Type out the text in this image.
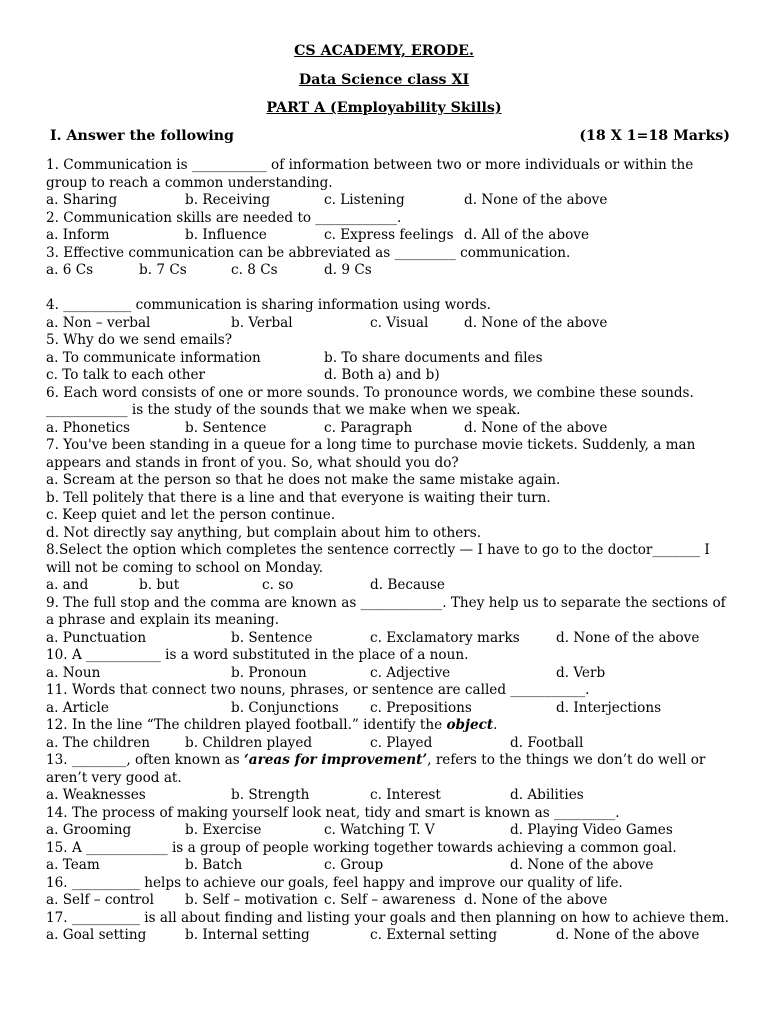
CS ACADEMY, ERODE.
Data Science class XI
PART A (Employability Skills)
I. Answer the following	(18 X 1=18 Marks)
1. Communication is ___________ of information between two or more individuals or within the group to reach a common understanding.
a. Sharing	b. Receiving	c. Listening	d. None of the above
2. Communication skills are needed to ____________.
a. Inform	b. Influence	c. Express feelings d. All of the above
3. Effective communication can be abbreviated as _________ communication.
a. 6 Cs	b. 7 Cs	c. 8 Cs	d. 9 Cs
4. __________ communication is sharing information using words.
a. Non – verbal	b. Verbal	c. Visual	d. None of the above
5. Why do we send emails?
a. To communicate information	b. To share documents and files
c. To talk to each other	d. Both a) and b)
6. Each word consists of one or more sounds. To pronounce words, we combine these sounds. ____________ is the study of the sounds that we make when we speak.
a. Phonetics	b. Sentence	c. Paragraph	d. None of the above
7. You've been standing in a queue for a long time to purchase movie tickets. Suddenly, a man appears and stands in front of you. So, what should you do?
a. Scream at the person so that he does not make the same mistake again.
b. Tell politely that there is a line and that everyone is waiting their turn.
c. Keep quiet and let the person continue.
d. Not directly say anything, but complain about him to others.
8.Select the option which completes the sentence correctly — I have to go to the doctor_______ I will not be coming to school on Monday.
a. and	b. but	c. so	d. Because
9. The full stop and the comma are known as ____________. They help us to separate the sections of a phrase and explain its meaning.
a. Punctuation	b. Sentence	c. Exclamatory marks	d. None of the above
10. A ___________ is a word substituted in the place of a noun.
a. Noun	b. Pronoun	c. Adjective	d. Verb
11. Words that connect two nouns, phrases, or sentence are called ___________.
a. Article	b. Conjunctions c. Prepositions	d. Interjections
12. In the line “The children played football.” identify the object.
a. The children	b. Children played	c. Played	d. Football
13. ________, often known as ‘areas for improvement’, refers to the things we don’t do well or aren’t very good at.
a. Weaknesses	b. Strength	c. Interest	d. Abilities
14. The process of making yourself look neat, tidy and smart is known as _________.
a. Grooming	b. Exercise	c. Watching T. V	d. Playing Video Games
15. A ____________ is a group of people working together towards achieving a common goal.
a. Team	b. Batch	c. Group	d. None of the above
16. __________ helps to achieve our goals, feel happy and improve our quality of life.
a. Self – control b. Self – motivation c. Self – awareness d. None of the above
17. __________ is all about finding and listing your goals and then planning on how to achieve them.
a. Goal setting	b. Internal setting	c. External setting	d. None of the above
